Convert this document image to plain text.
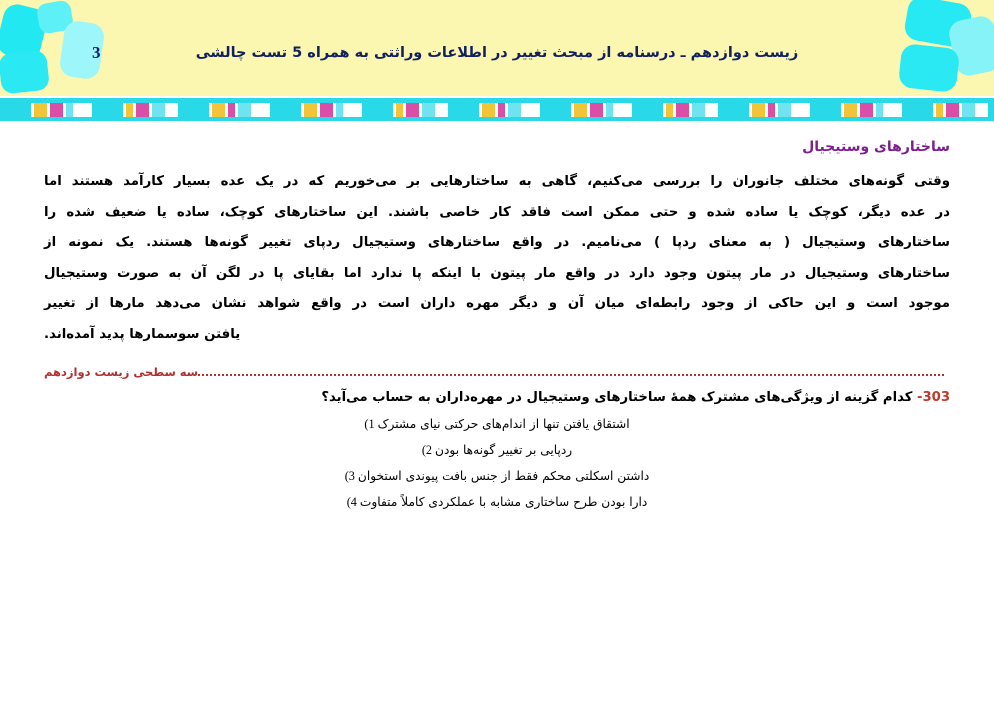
3	زیست دوازدهم ـ درسنامه از مبحث تغییر در اطلاعات وراثتی به همراه 5 تست چالشی
ساختارهای وستیجیال
وقتی گونه‌های مختلف جانوران را بررسی می‌کنیم، گاهی به ساختارهایی بر می‌خوریم که در یک عده بسیار کارآمد هستند اما
در عده دیگر، کوچک یا ساده شده و حتی ممکن است فاقد کار خاصی باشند. این ساختارهای کوچک، ساده یا ضعیف شده را
ساختارهای وستیجیال ( به معنای ردپا ) می‌نامیم. در واقع ساختارهای وستیجیال ردپای تغییر گونه‌ها هستند. یک نمونه از
ساختارهای وستیجیال در مار پیتون وجود دارد در واقع مار پیتون با اینکه پا ندارد اما بقایای پا در لگن آن به صورت وستیجیال
موجود است و این حاکی از وجود رابطه‌ای میان آن و دیگر مهره داران است در واقع شواهد نشان می‌دهد مارها از تغییر
یافتن سوسمارها پدید آمده‌اند.
سه سطحی زیست دوازدهم
303- کدام گزینه از ویژگی‌های مشترک همهٔ ساختارهای وستیجیال در مهره‌داران به حساب می‌آید؟
اشتقاق یافتن تنها از اندام‌های حرکتی نیای مشترک 1)
ردپایی بر تغییر گونه‌ها بودن 2)
داشتن اسکلتی محکم فقط از جنس بافت پیوندی استخوان 3)
دارا بودن طرح ساختاری مشابه با عملکردی کاملاً متفاوت 4)
